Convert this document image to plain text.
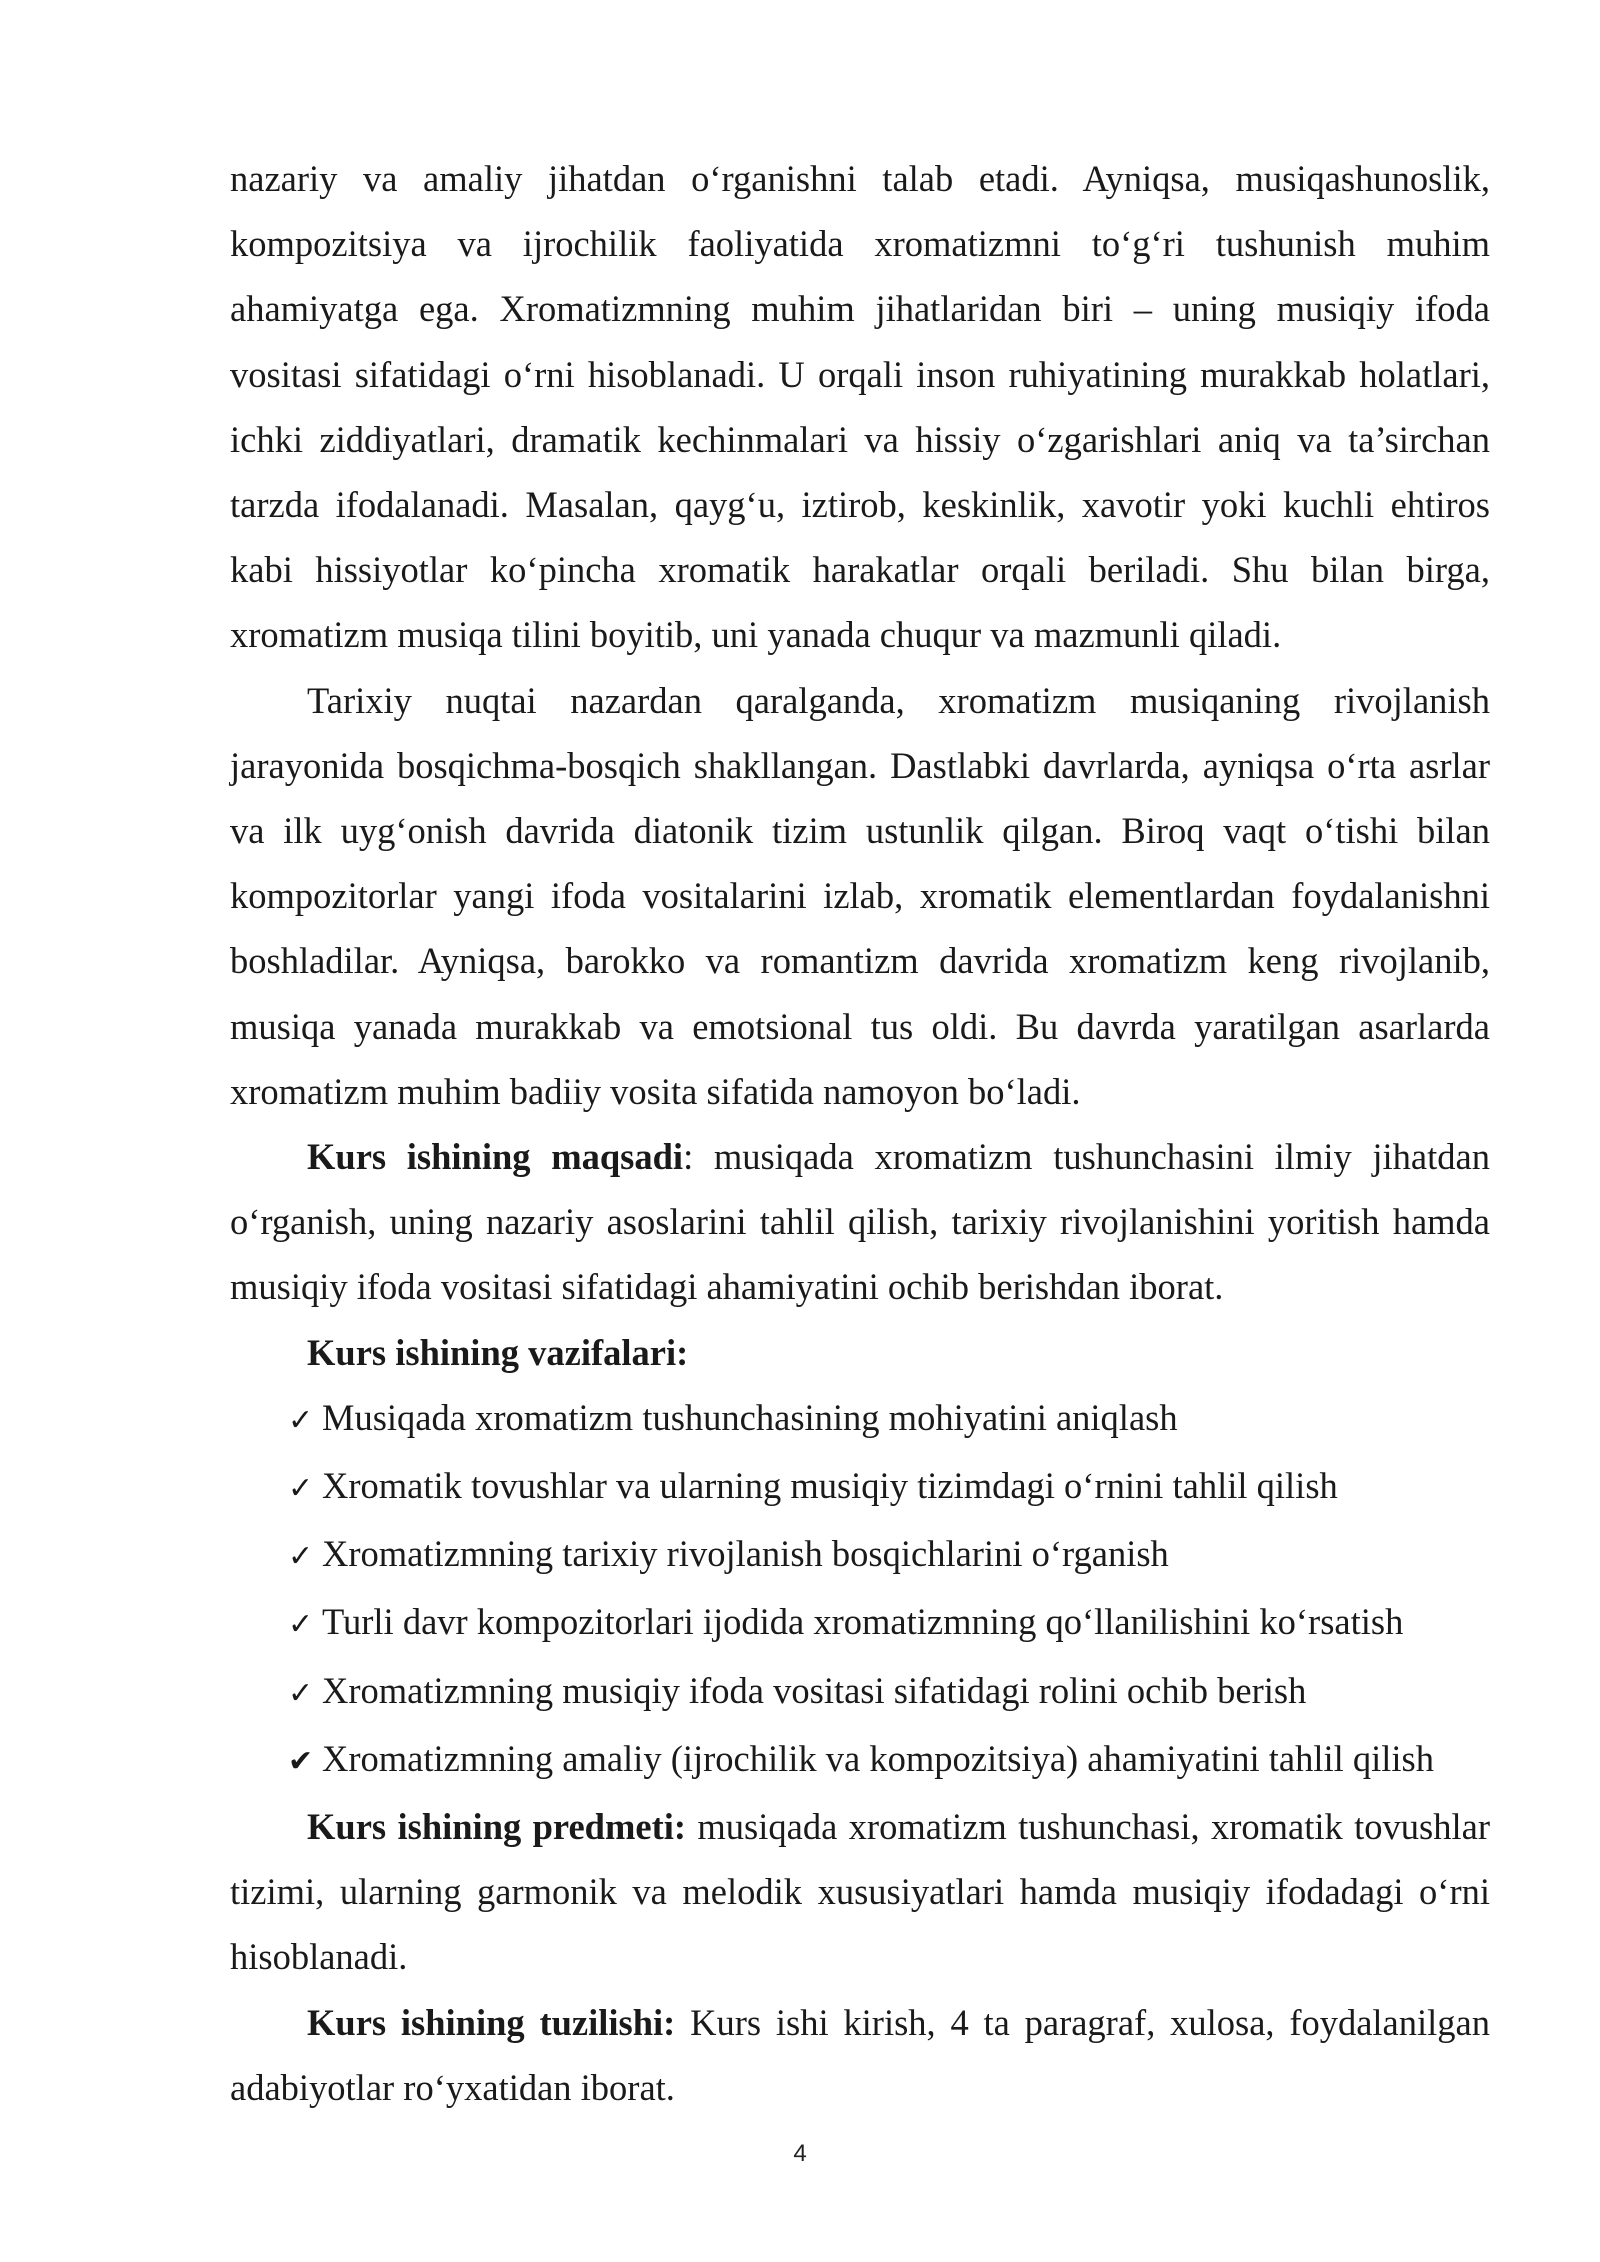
nazariy va amaliy jihatdan o‘rganishni talab etadi. Ayniqsa, musiqashunoslik, kompozitsiya va ijrochilik faoliyatida xromatizmni to‘g‘ri tushunish muhim ahamiyatga ega. Xromatizmning muhim jihatlaridan biri – uning musiqiy ifoda vositasi sifatidagi o‘rni hisoblanadi. U orqali inson ruhiyatining murakkab holatlari, ichki ziddiyatlari, dramatik kechinmalari va hissiy o‘zgarishlari aniq va ta’sirchan tarzda ifodalanadi. Masalan, qayg‘u, iztirob, keskinlik, xavotir yoki kuchli ehtiros kabi hissiyotlar ko‘pincha xromatik harakatlar orqali beriladi. Shu bilan birga, xromatizm musiqa tilini boyitib, uni yanada chuqur va mazmunli qiladi.

Tarixiy nuqtai nazardan qaralganda, xromatizm musiqaning rivojlanish jarayonida bosqichma-bosqich shakllangan. Dastlabki davrlarda, ayniqsa o‘rta asrlar va ilk uyg‘onish davrida diatonik tizim ustunlik qilgan. Biroq vaqt o‘tishi bilan kompozitorlar yangi ifoda vositalarini izlab, xromatik elementlardan foydalanishni boshladilar. Ayniqsa, barokko va romantizm davrida xromatizm keng rivojlanib, musiqa yanada murakkab va emotsional tus oldi. Bu davrda yaratilgan asarlarda xromatizm muhim badiiy vosita sifatida namoyon bo‘ladi.

Kurs ishining maqsadi: musiqada xromatizm tushunchasini ilmiy jihatdan o‘rganish, uning nazariy asoslarini tahlil qilish, tarixiy rivojlanishini yoritish hamda musiqiy ifoda vositasi sifatidagi ahamiyatini ochib berishdan iborat.

Kurs ishining vazifalari:

✓ Musiqada xromatizm tushunchasining mohiyatini aniqlash
✓ Xromatik tovushlar va ularning musiqiy tizimdagi o‘rnini tahlil qilish
✓ Xromatizmning tarixiy rivojlanish bosqichlarini o‘rganish
✓ Turli davr kompozitorlari ijodida xromatizmning qo‘llanilishini ko‘rsatish
✓ Xromatizmning musiqiy ifoda vositasi sifatidagi rolini ochib berish
✔ Xromatizmning amaliy (ijrochilik va kompozitsiya) ahamiyatini tahlil qilish

Kurs ishining predmeti: musiqada xromatizm tushunchasi, xromatik tovushlar tizimi, ularning garmonik va melodik xususiyatlari hamda musiqiy ifodadagi o‘rni hisoblanadi.

Kurs ishining tuzilishi: Kurs ishi kirish, 4 ta paragraf, xulosa, foydalanilgan adabiyotlar ro‘yxatidan iborat.

4
